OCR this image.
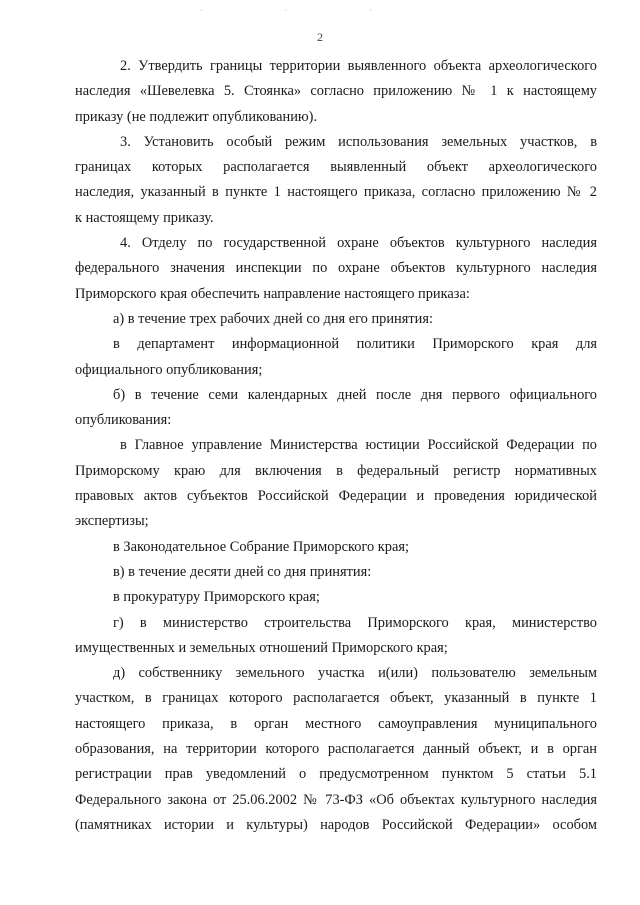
· · ·
2
2. Утвердить границы территории выявленного объекта археологического
наследия «Шевелевка 5. Стоянка» согласно приложению № 1 к настоящему
приказу (не подлежит опубликованию).
3. Установить особый режим использования земельных участков, в
границах которых располагается выявленный объект археологического
наследия, указанный в пункте 1 настоящего приказа, согласно приложению № 2
к настоящему приказу.
4. Отделу по государственной охране объектов культурного наследия
федерального значения инспекции по охране объектов культурного наследия
Приморского края обеспечить направление настоящего приказа:
а) в течение трех рабочих дней со дня его принятия:
в департамент информационной политики Приморского края для
официального опубликования;
б) в течение семи календарных дней после дня первого официального
опубликования:
в Главное управление Министерства юстиции Российской Федерации по
Приморскому краю для включения в федеральный регистр нормативных
правовых актов субъектов Российской Федерации и проведения юридической
экспертизы;
в Законодательное Собрание Приморского края;
в) в течение десяти дней со дня принятия:
в прокуратуру Приморского края;
г) в министерство строительства Приморского края, министерство
имущественных и земельных отношений Приморского края;
д) собственнику земельного участка и(или) пользователю земельным
участком, в границах которого располагается объект, указанный в пункте 1
настоящего приказа, в орган местного самоуправления муниципального
образования, на территории которого располагается данный объект, и в орган
регистрации прав уведомлений о предусмотренном пунктом 5 статьи 5.1
Федерального закона от 25.06.2002 № 73-ФЗ «Об объектах культурного наследия
(памятниках истории и культуры) народов Российской Федерации» особом
